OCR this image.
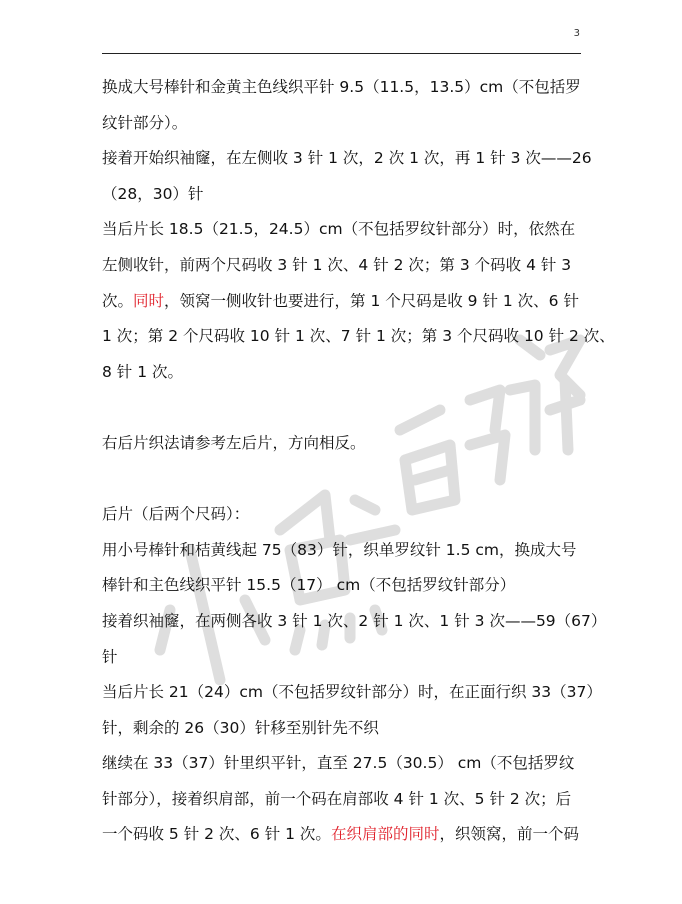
3
换成大号棒针和金黄主色线织平针 9.5（11.5，13.5）cm（不包括罗
纹针部分）。
接着开始织袖窿，在左侧收 3 针 1 次，2 次 1 次，再 1 针 3 次——26
（28，30）针
当后片长 18.5（21.5，24.5）cm（不包括罗纹针部分）时，依然在
左侧收针，前两个尺码收 3 针 1 次、4 针 2 次；第 3 个码收 4 针 3
次。同时，领窝一侧收针也要进行，第 1 个尺码是收 9 针 1 次、6 针
1 次；第 2 个尺码收 10 针 1 次、7 针 1 次；第 3 个尺码收 10 针 2 次、
8 针 1 次。
右后片织法请参考左后片，方向相反。
后片（后两个尺码）：
用小号棒针和桔黄线起 75（83）针，织单罗纹针 1.5 cm，换成大号
棒针和主色线织平针 15.5（17） cm（不包括罗纹针部分）
接着织袖窿，在两侧各收 3 针 1 次、2 针 1 次、1 针 3 次——59（67）
针
当后片长 21（24）cm（不包括罗纹针部分）时，在正面行织 33（37）
针，剩余的 26（30）针移至别针先不织
继续在 33（37）针里织平针，直至 27.5（30.5） cm（不包括罗纹
针部分），接着织肩部，前一个码在肩部收 4 针 1 次、5 针 2 次；后
一个码收 5 针 2 次、6 针 1 次。在织肩部的同时，织领窝，前一个码
